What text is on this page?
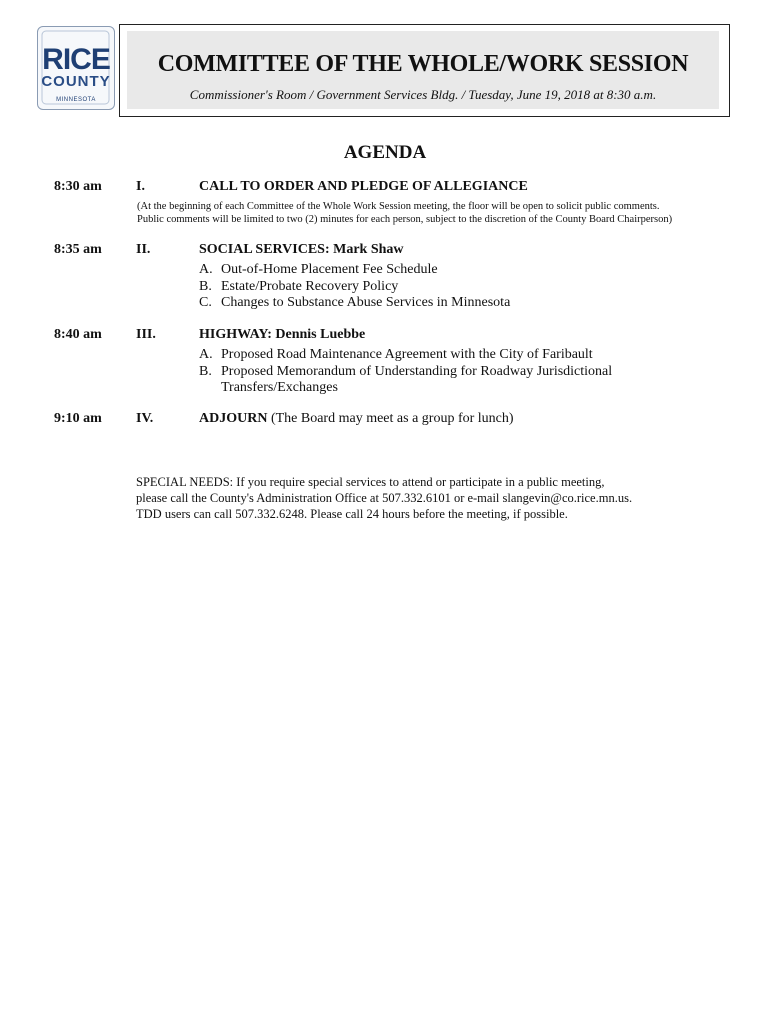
RICE
COUNTY
MINNESOTA
COMMITTEE OF THE WHOLE/WORK SESSION
Commissioner's Room / Government Services Bldg. / Tuesday, June 19, 2018 at 8:30 a.m.
AGENDA
8:30 am I.	CALL TO ORDER AND PLEDGE OF ALLEGIANCE
(At the beginning of each Committee of the Whole Work Session meeting, the floor will be open to solicit public comments.
Public comments will be limited to two (2) minutes for each person, subject to the discretion of the County Board Chairperson)
8:35 am II.	SOCIAL SERVICES: Mark Shaw
A. Out-of-Home Placement Fee Schedule
B. Estate/Probate Recovery Policy
C. Changes to Substance Abuse Services in Minnesota
8:40 am III.	HIGHWAY: Dennis Luebbe
A. Proposed Road Maintenance Agreement with the City of Faribault
B. Proposed Memorandum of Understanding for Roadway Jurisdictional
Transfers/Exchanges
9:10 am IV.	ADJOURN (The Board may meet as a group for lunch)
SPECIAL NEEDS: If you require special services to attend or participate in a public meeting,
please call the County's Administration Office at 507.332.6101 or e-mail slangevin@co.rice.mn.us.
TDD users can call 507.332.6248. Please call 24 hours before the meeting, if possible.
